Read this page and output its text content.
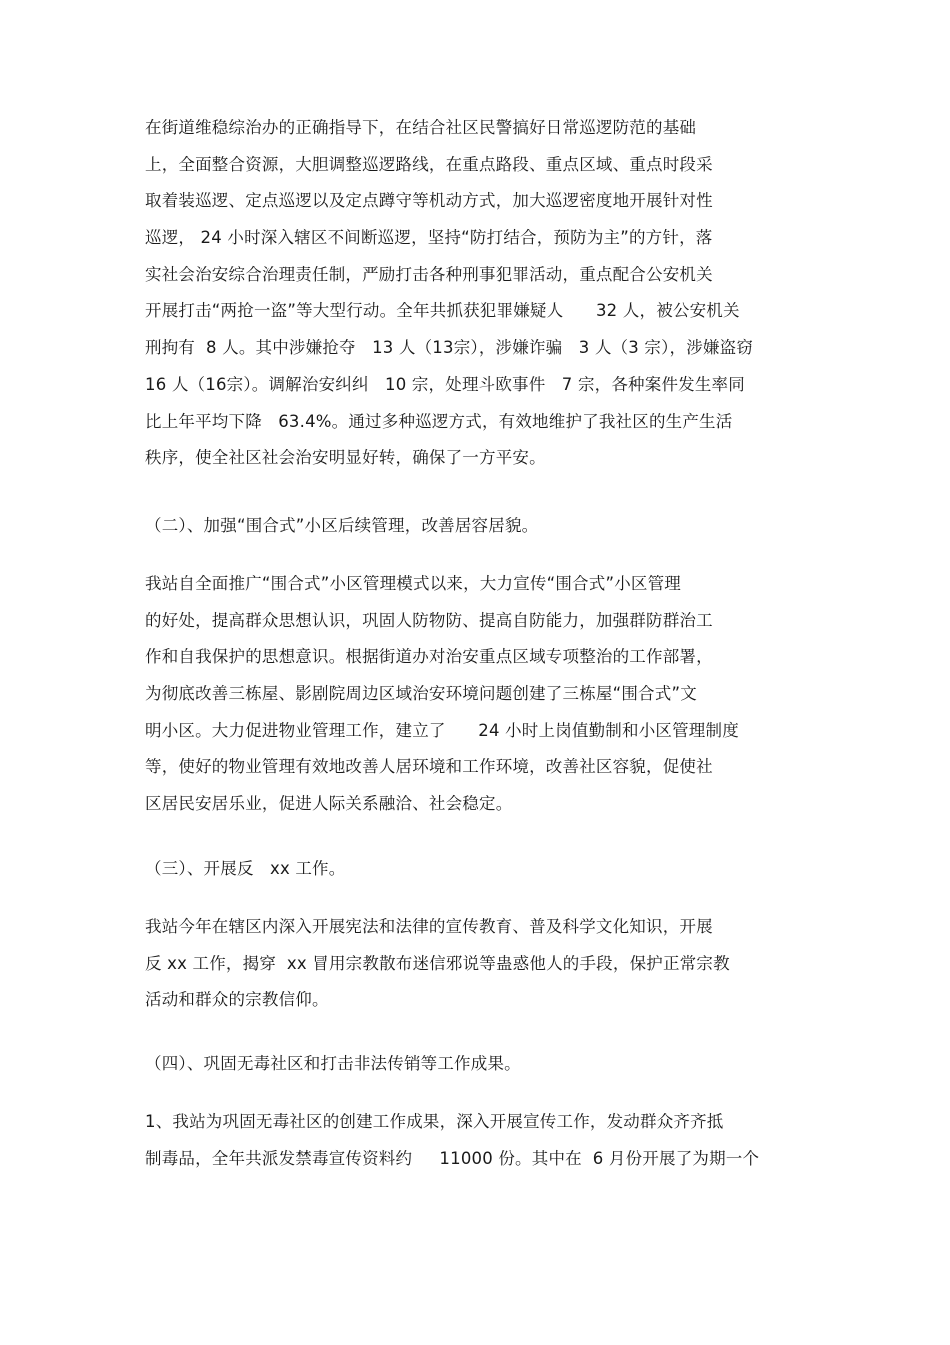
在街道维稳综治办的正确指导下，在结合社区民警搞好日常巡逻防范的基础
上，全面整合资源，大胆调整巡逻路线，在重点路段、重点区域、重点时段采
取着装巡逻、定点巡逻以及定点蹲守等机动方式，加大巡逻密度地开展针对性
巡逻， 24 小时深入辖区不间断巡逻，坚持“防打结合，预防为主”的方针，落
实社会治安综合治理责任制，严励打击各种刑事犯罪活动，重点配合公安机关
开展打击“两抢一盗”等大型行动。全年共抓获犯罪嫌疑人      32 人，被公安机关
刑拘有  8 人。其中涉嫌抢夺   13 人（13宗），涉嫌诈骗   3 人（3 宗），涉嫌盗窃
16 人（16宗）。调解治安纠纠   10 宗，处理斗欧事件   7 宗，各种案件发生率同
比上年平均下降   63.4%。通过多种巡逻方式，有效地维护了我社区的生产生活
秩序，使全社区社会治安明显好转，确保了一方平安。
（二）、加强“围合式”小区后续管理，改善居容居貌。
我站自全面推广“围合式”小区管理模式以来，大力宣传“围合式”小区管理
的好处，提高群众思想认识，巩固人防物防、提高自防能力，加强群防群治工
作和自我保护的思想意识。根据街道办对治安重点区域专项整治的工作部署，
为彻底改善三栋屋、影剧院周边区域治安环境问题创建了三栋屋“围合式”文
明小区。大力促进物业管理工作，建立了      24 小时上岗值勤制和小区管理制度
等，使好的物业管理有效地改善人居环境和工作环境，改善社区容貌，促使社
区居民安居乐业，促进人际关系融洽、社会稳定。
（三）、开展反   xx 工作。
我站今年在辖区内深入开展宪法和法律的宣传教育、普及科学文化知识，开展
反 xx 工作，揭穿  xx 冒用宗教散布迷信邪说等蛊惑他人的手段，保护正常宗教
活动和群众的宗教信仰。
（四）、巩固无毒社区和打击非法传销等工作成果。
1、我站为巩固无毒社区的创建工作成果，深入开展宣传工作，发动群众齐齐抵
制毒品，全年共派发禁毒宣传资料约     11000 份。其中在  6 月份开展了为期一个
